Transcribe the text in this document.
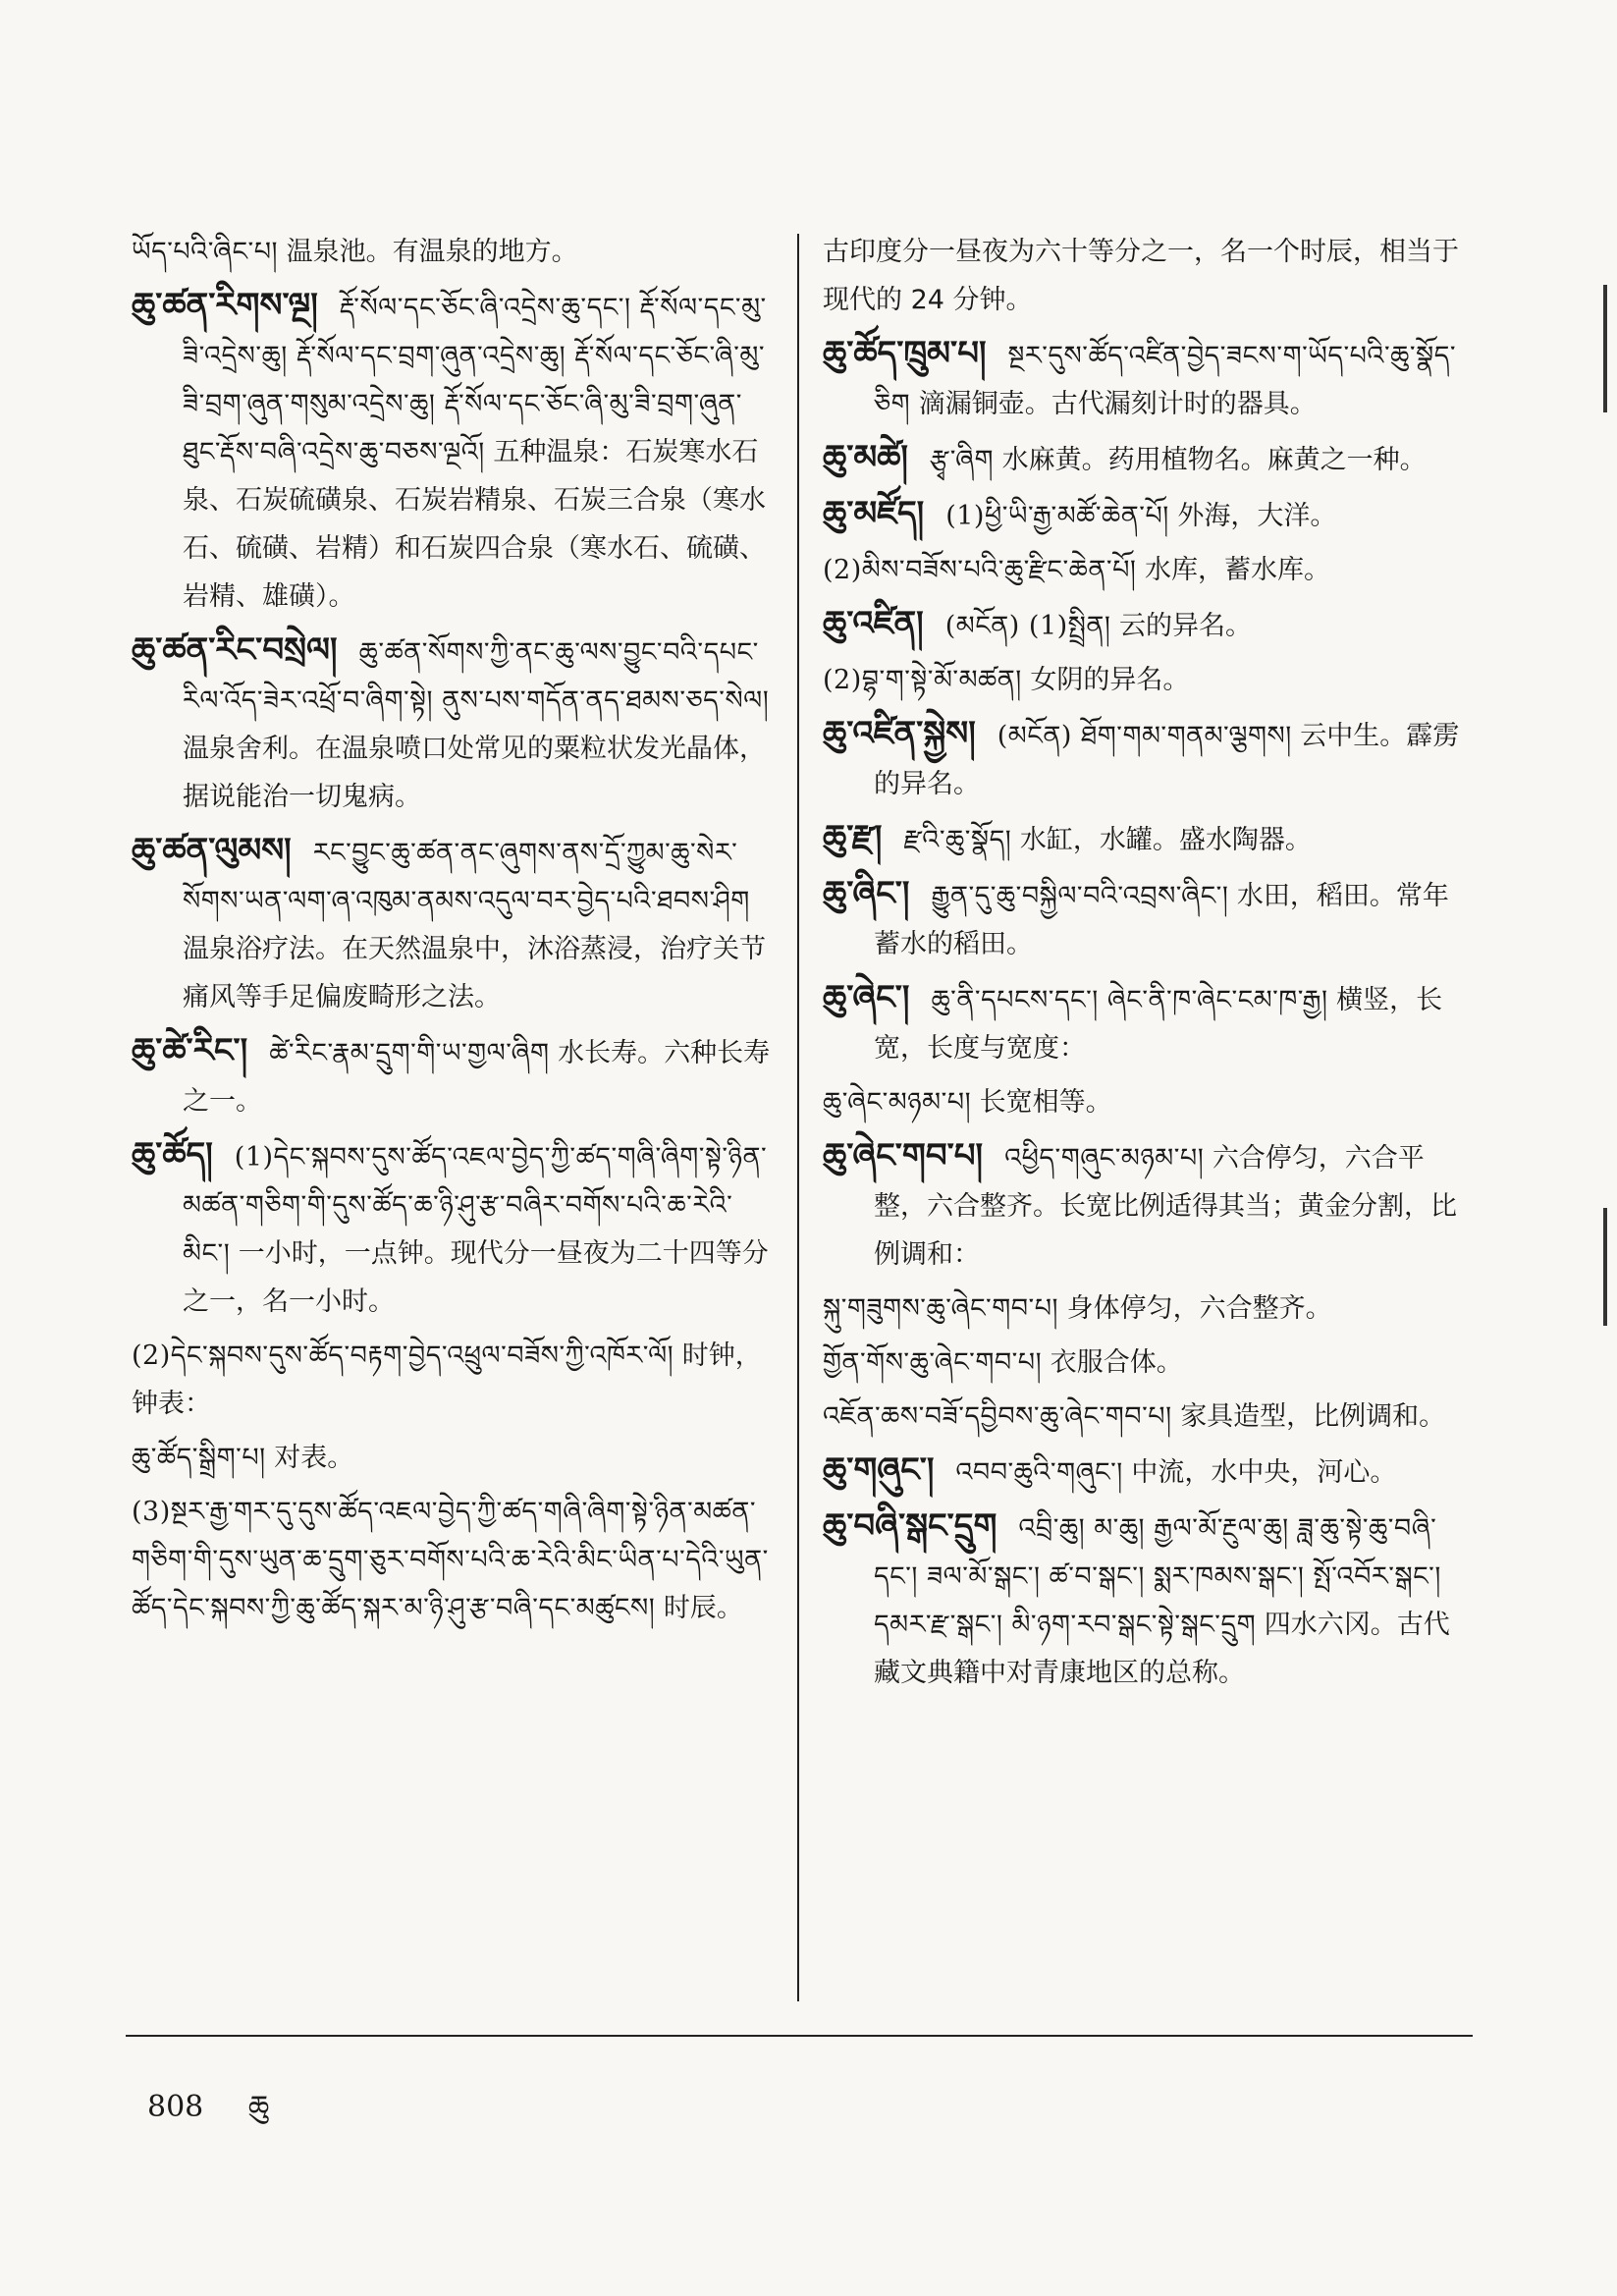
ཡོད་པའི་ཞིང་པ། 温泉池。有温泉的地方。
ཆུ་ཚན་རིགས་ལྔ། རྡོ་སོལ་དང་ཅོང་ཞི་འདྲེས་ཆུ་དང་། རྡོ་སོལ་དང་མུ་ཟི་འདྲེས་ཆུ། རྡོ་སོལ་དང་བྲག་ཞུན་འདྲེས་ཆུ། རྡོ་སོལ་དང་ཅོང་ཞི་མུ་ཟི་བྲག་ཞུན་གསུམ་འདྲེས་ཆུ། རྡོ་སོལ་དང་ཅོང་ཞི་མུ་ཟི་བྲག་ཞུན་ཐུང་རྡོས་བཞི་འདྲེས་ཆུ་བཅས་ལྔའོ། 五种温泉：石炭寒水石泉、石炭硫磺泉、石炭岩精泉、石炭三合泉（寒水石、硫磺、岩精）和石炭四合泉（寒水石、硫磺、岩精、雄磺）。
ཆུ་ཚན་རིང་བསྲེལ། ཆུ་ཚན་སོགས་ཀྱི་ནང་ཆུ་ལས་བྱུང་བའི་དཔང་རིལ་འོད་ཟེར་འཕྲོ་བ་ཞིག་སྟེ། ནུས་པས་གདོན་ནད་ཐམས་ཅད་སེལ། 温泉舍利。在温泉喷口处常见的粟粒状发光晶体，据说能治一切鬼病。
ཆུ་ཚན་ལུམས། རང་བྱུང་ཆུ་ཚན་ནང་ཞུགས་ནས་དྲོ་ཀྱུམ་ཆུ་སེར་སོགས་ཡན་ལག་ཞ་འཁུམ་ནམས་འདུལ་བར་བྱེད་པའི་ཐབས་ཤིག 温泉浴疗法。在天然温泉中，沐浴蒸浸，治疗关节痛风等手足偏废畸形之法。
ཆུ་ཚེ་རིང་། ཚེ་རིང་རྣམ་དྲུག་གི་ཡ་གྱལ་ཞིག 水长寿。六种长寿之一。
ཆུ་ཚོད། (1)དེང་སྐབས་དུས་ཚོད་འཇལ་བྱེད་ཀྱི་ཚད་གཞི་ཞིག་སྟེ་ཉིན་མཚན་གཅིག་གི་དུས་ཚོད་ཆ་ཉི་ཤུ་རྩ་བཞིར་བགོས་པའི་ཆ་རེའི་མིང་། 一小时，一点钟。现代分一昼夜为二十四等分之一，名一小时。
(2)དེང་སྐབས་དུས་ཚོད་བརྟག་བྱེད་འཕྲུལ་བཟོས་ཀྱི་འཁོར་ལོ། 时钟，钟表：
ཆུ་ཚོད་སྒྲིག་པ། 对表。
(3)སྔར་རྒྱ་གར་དུ་དུས་ཚོད་འཇལ་བྱེད་ཀྱི་ཚད་གཞི་ཞིག་སྟེ་ཉིན་མཚན་གཅིག་གི་དུས་ཡུན་ཆ་དྲུག་ཅུར་བགོས་པའི་ཆ་རེའི་མིང་ཡིན་པ་དེའི་ཡུན་ཚོད་དེང་སྐབས་ཀྱི་ཆུ་ཚོད་སྐར་མ་ཉི་ཤུ་རྩ་བཞི་དང་མཚུངས། 时辰。
古印度分一昼夜为六十等分之一，名一个时辰，相当于现代的 24 分钟。
ཆུ་ཚོད་ཁྲུམ་པ། སྔར་དུས་ཚོད་འཛིན་བྱེད་ཟངས་ག་ཡོད་པའི་ཆུ་སྣོད་ཅིག 滴漏铜壶。古代漏刻计时的器具。
ཆུ་མཚེ། རྩྭ་ཞིག 水麻黄。药用植物名。麻黄之一种。
ཆུ་མཛོད། (1)ཕྱི་ཡི་རྒྱ་མཚོ་ཆེན་པོ། 外海，大洋。
(2)མིས་བཟོས་པའི་ཆུ་རྫིང་ཆེན་པོ། 水库，蓄水库。
ཆུ་འཛིན། (མངོན) (1)སྤྲིན། 云的异名。
(2)བྷ་ག་སྟེ་མོ་མཚན། 女阴的异名。
ཆུ་འཛིན་སྐྱེས། (མངོན) ཐོག་གམ་གནམ་ལྕགས། 云中生。霹雳的异名。
ཆུ་རྫ། རྫའི་ཆུ་སྣོད། 水缸，水罐。盛水陶器。
ཆུ་ཞིང་། རྒྱུན་དུ་ཆུ་བསྐྱིལ་བའི་འབྲས་ཞིང་། 水田，稻田。常年蓄水的稻田。
ཆུ་ཞེང་། ཆུ་ནི་དཔངས་དང་། ཞེང་ནི་ཁ་ཞེང་ངམ་ཁ་རྒྱ། 横竖，长宽，长度与宽度：
ཆུ་ཞེང་མཉམ་པ། 长宽相等。
ཆུ་ཞེང་གབ་པ། འཕྱིད་གཞུང་མཉམ་པ། 六合停匀，六合平整，六合整齐。长宽比例适得其当；黄金分割，比例调和：
སྐུ་གཟུགས་ཆུ་ཞེང་གབ་པ། 身体停匀，六合整齐。
གྱོན་གོས་ཆུ་ཞེང་གབ་པ། 衣服合体。
འཇོན་ཆས་བཟོ་དབྱིབས་ཆུ་ཞེང་གབ་པ། 家具造型，比例调和。
ཆུ་གཞུང་། འབབ་ཆུའི་གཞུང་། 中流，水中央，河心。
ཆུ་བཞི་སྒང་དྲུག འབྲི་ཆུ། མ་ཆུ། རྒྱལ་མོ་རྔུལ་ཆུ། ཟླ་ཆུ་སྟེ་ཆུ་བཞི་དང་། ཟལ་མོ་སྒང་། ཚ་བ་སྒང་། སྨར་ཁམས་སྒང་། སྤོ་འབོར་སྒང་། དམར་རྫ་སྒང་། མི་ཉག་རབ་སྒང་སྟེ་སྒང་དྲུག 四水六冈。古代藏文典籍中对青康地区的总称。
808 ཆུ
